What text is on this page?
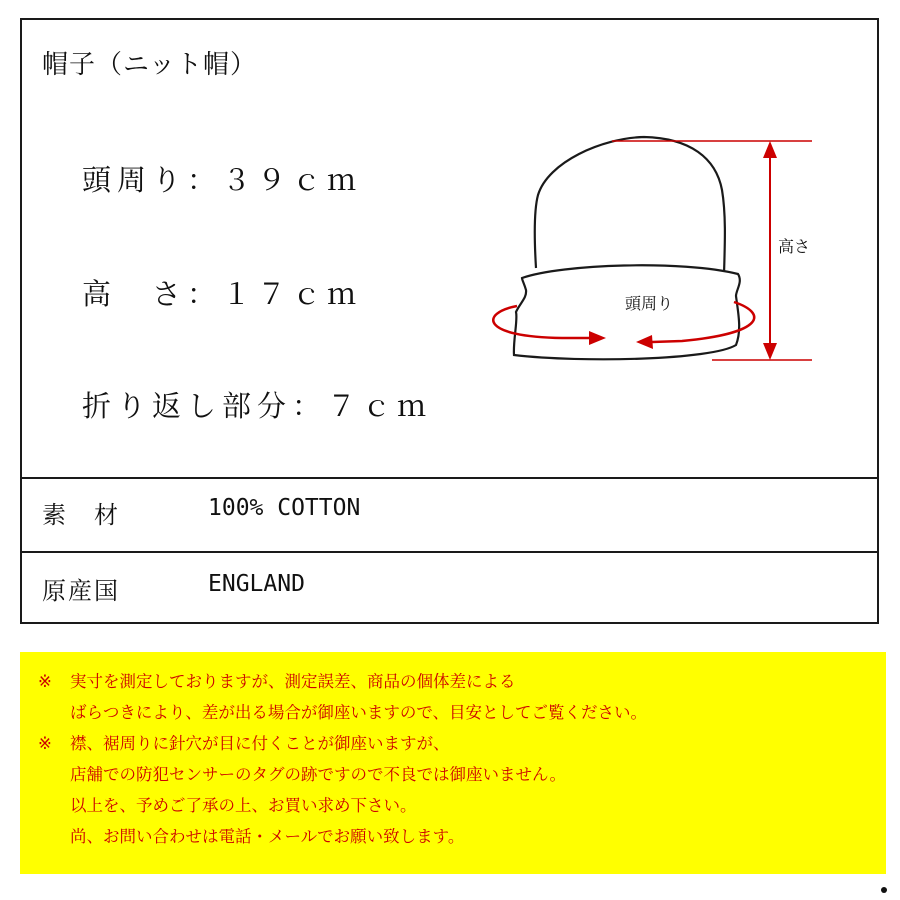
帽子（ニット帽）
頭周り：３９ｃｍ
高　さ：１７ｃｍ
折り返し部分：７ｃｍ
高さ
頭周り
素　材	100% COTTON
原産国	ENGLAND
※ 実寸を測定しておりますが、測定誤差、商品の個体差による
ばらつきにより、差が出る場合が御座いますので、目安としてご覧ください。
※ 襟、裾周りに針穴が目に付くことが御座いますが、
店舗での防犯センサーのタグの跡ですので不良では御座いません。
以上を、予めご了承の上、お買い求め下さい。
尚、お問い合わせは電話・メールでお願い致します。
